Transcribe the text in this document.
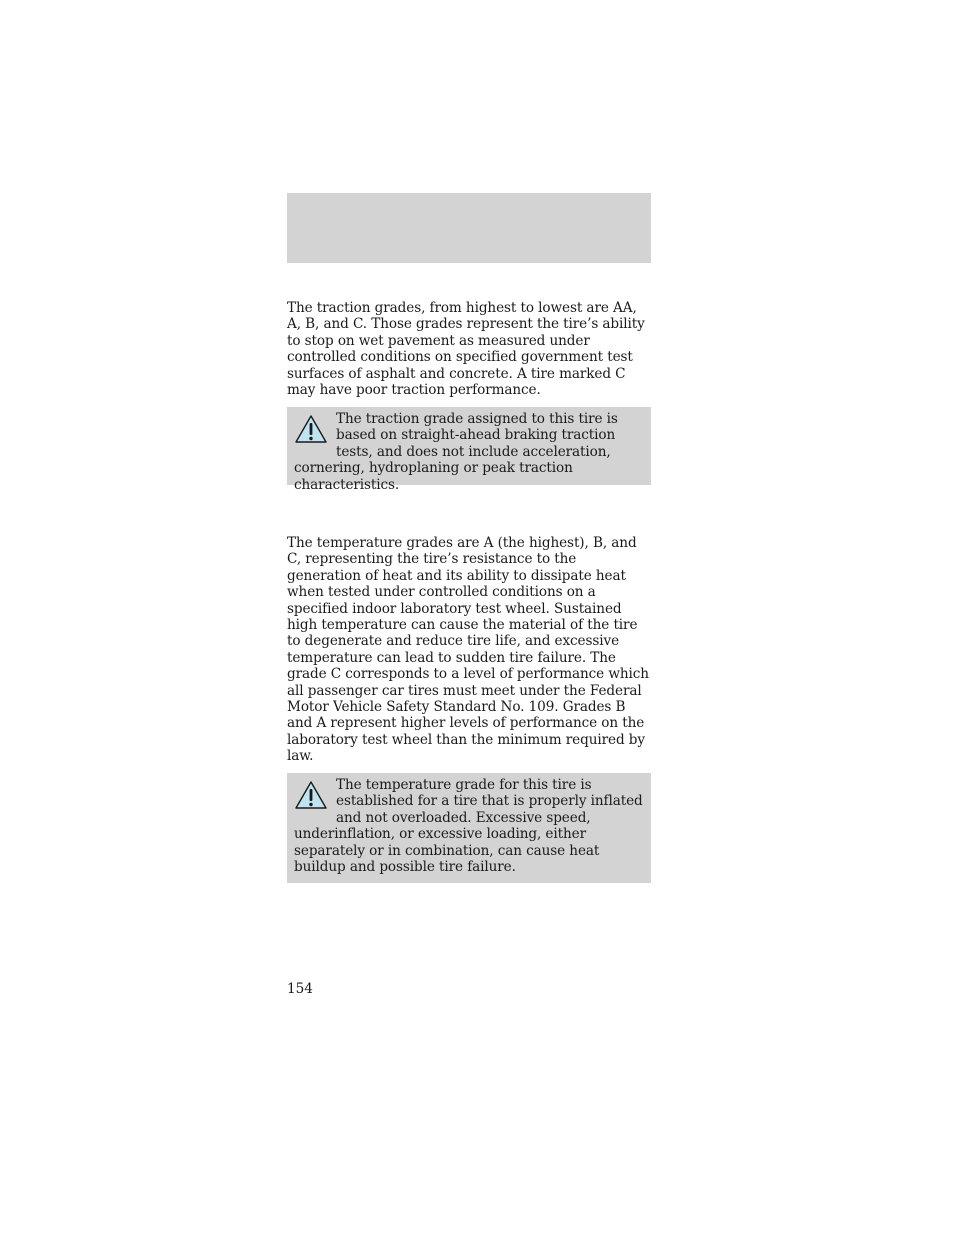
The traction grades, from highest to lowest are AA, A, B, and C. Those grades represent the tire’s ability to stop on wet pavement as measured under controlled conditions on specified government test surfaces of asphalt and concrete. A tire marked C may have poor traction performance.

The traction grade assigned to this tire is based on straight-ahead braking traction tests, and does not include acceleration, cornering, hydroplaning or peak traction characteristics.

The temperature grades are A (the highest), B, and C, representing the tire’s resistance to the generation of heat and its ability to dissipate heat when tested under controlled conditions on a specified indoor laboratory test wheel. Sustained high temperature can cause the material of the tire to degenerate and reduce tire life, and excessive temperature can lead to sudden tire failure. The grade C corresponds to a level of performance which all passenger car tires must meet under the Federal Motor Vehicle Safety Standard No. 109. Grades B and A represent higher levels of performance on the laboratory test wheel than the minimum required by law.

The temperature grade for this tire is established for a tire that is properly inflated and not overloaded. Excessive speed, underinflation, or excessive loading, either separately or in combination, can cause heat buildup and possible tire failure.

154
